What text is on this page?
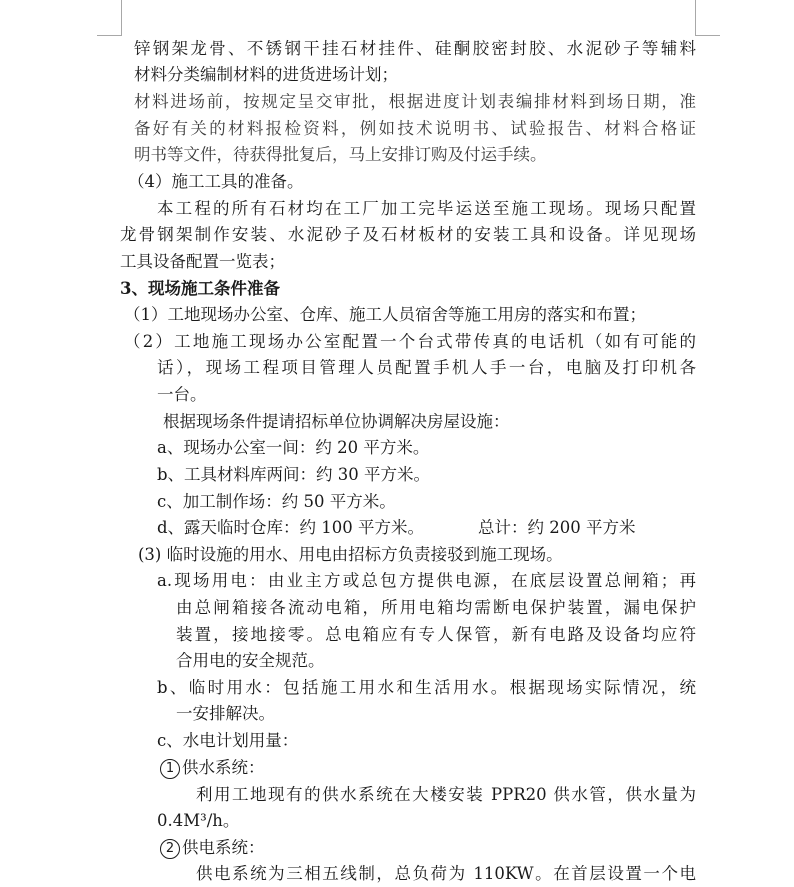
锌钢架龙骨、不锈钢干挂石材挂件、硅酮胶密封胶、水泥砂子等辅料
材料分类编制材料的进货进场计划；
材料进场前，按规定呈交审批，根据进度计划表编排材料到场日期，准
备好有关的材料报检资料，例如技术说明书、试验报告、材料合格证
明书等文件，待获得批复后，马上安排订购及付运手续。
（4）施工工具的准备。
本工程的所有石材均在工厂加工完毕运送至施工现场。现场只配置
龙骨钢架制作安装、水泥砂子及石材板材的安装工具和设备。详见现场
工具设备配置一览表；
3、现场施工条件准备
（1）工地现场办公室、仓库、施工人员宿舍等施工用房的落实和布置；
（2）工地施工现场办公室配置一个台式带传真的电话机（如有可能的
话），现场工程项目管理人员配置手机人手一台，电脑及打印机各
一台。
根据现场条件提请招标单位协调解决房屋设施：
a、现场办公室一间：约 20 平方米。
b、工具材料库两间：约 30 平方米。
c、加工制作场：约 50 平方米。
d、露天临时仓库：约 100 平方米。	总计：约 200 平方米
(3) 临时设施的用水、用电由招标方负责接驳到施工现场。
a.现场用电：由业主方或总包方提供电源，在底层设置总闸箱；再
由总闸箱接各流动电箱，所用电箱均需断电保护装置，漏电保护
装置，接地接零。总电箱应有专人保管，新有电路及设备均应符
合用电的安全规范。
b、临时用水：包括施工用水和生活用水。根据现场实际情况，统
一安排解决。
c、水电计划用量：
1 供水系统：
利用工地现有的供水系统在大楼安装 PPR20 供水管，供水量为
0.4M³/h。
2 供电系统：
供电系统为三相五线制，总负荷为 110KW。在首层设置一个电
